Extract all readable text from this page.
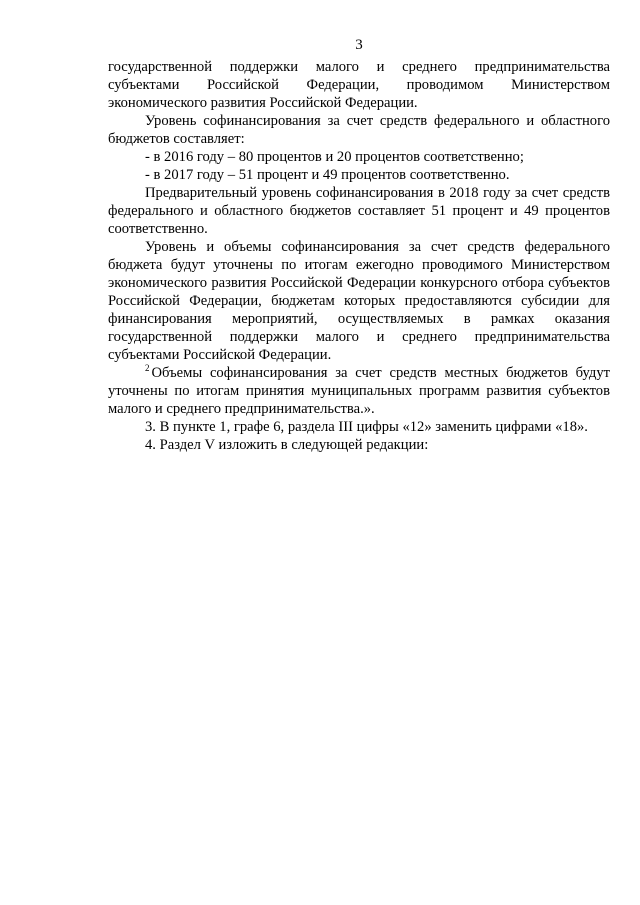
3

государственной поддержки малого и среднего предпринимательства субъектами Российской Федерации, проводимом Министерством экономического развития Российской Федерации.

Уровень софинансирования за счет средств федерального и областного бюджетов составляет:

- в 2016 году – 80 процентов и 20 процентов соответственно;

- в 2017 году – 51 процент и 49 процентов соответственно.

Предварительный уровень софинансирования в 2018 году за счет средств федерального и областного бюджетов составляет 51 процент и 49 процентов соответственно.

Уровень и объемы софинансирования за счет средств федерального бюджета будут уточнены по итогам ежегодно проводимого Министерством экономического развития Российской Федерации конкурсного отбора субъектов Российской Федерации, бюджетам которых предоставляются субсидии для финансирования мероприятий, осуществляемых в рамках оказания государственной поддержки малого и среднего предпринимательства субъектами Российской Федерации.

$^2$ Объемы софинансирования за счет средств местных бюджетов будут уточнены по итогам принятия муниципальных программ развития субъектов малого и среднего предпринимательства.».

3. В пункте 1, графе 6, раздела III цифры «12» заменить цифрами «18».

4. Раздел V изложить в следующей редакции:
